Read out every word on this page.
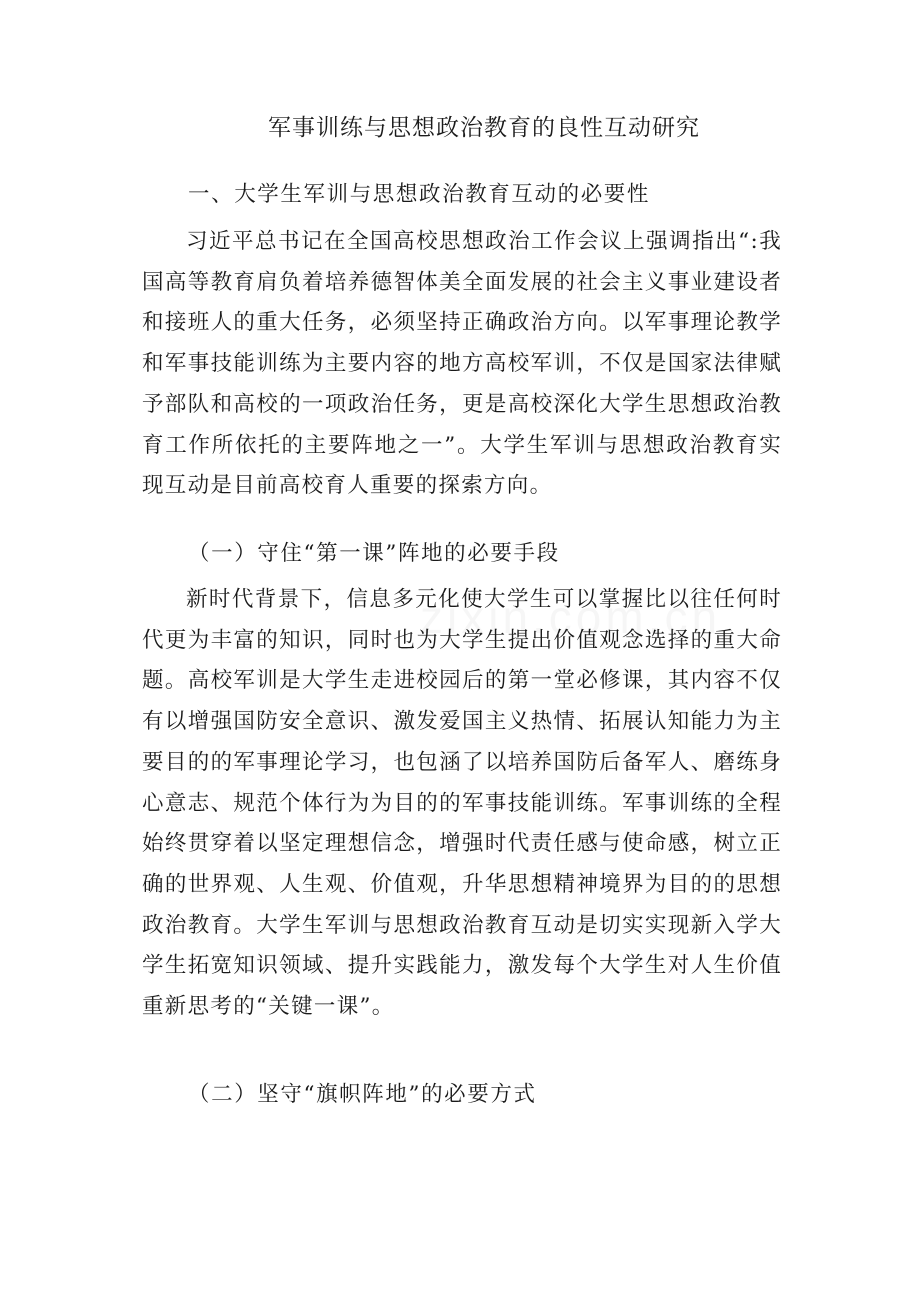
军事训练与思想政治教育的良性互动研究
一、大学生军训与思想政治教育互动的必要性

习近平总书记在全国高校思想政治工作会议上强调指出“:我国高等教育肩负着培养德智体美全面发展的社会主义事业建设者和接班人的重大任务，必须坚持正确政治方向。以军事理论教学和军事技能训练为主要内容的地方高校军训，不仅是国家法律赋予部队和高校的一项政治任务，更是高校深化大学生思想政治教育工作所依托的主要阵地之一”。大学生军训与思想政治教育实现互动是目前高校育人重要的探索方向。

（一）守住“第一课”阵地的必要手段

新时代背景下，信息多元化使大学生可以掌握比以往任何时代更为丰富的知识，同时也为大学生提出价值观念选择的重大命题。高校军训是大学生走进校园后的第一堂必修课，其内容不仅有以增强国防安全意识、激发爱国主义热情、拓展认知能力为主要目的的军事理论学习，也包涵了以培养国防后备军人、磨练身心意志、规范个体行为为目的的军事技能训练。军事训练的全程始终贯穿着以坚定理想信念，增强时代责任感与使命感，树立正确的世界观、人生观、价值观，升华思想精神境界为目的的思想政治教育。大学生军训与思想政治教育互动是切实实现新入学大学生拓宽知识领域、提升实践能力，激发每个大学生对人生价值重新思考的“关键一课”。

（二）坚守“旗帜阵地”的必要方式
